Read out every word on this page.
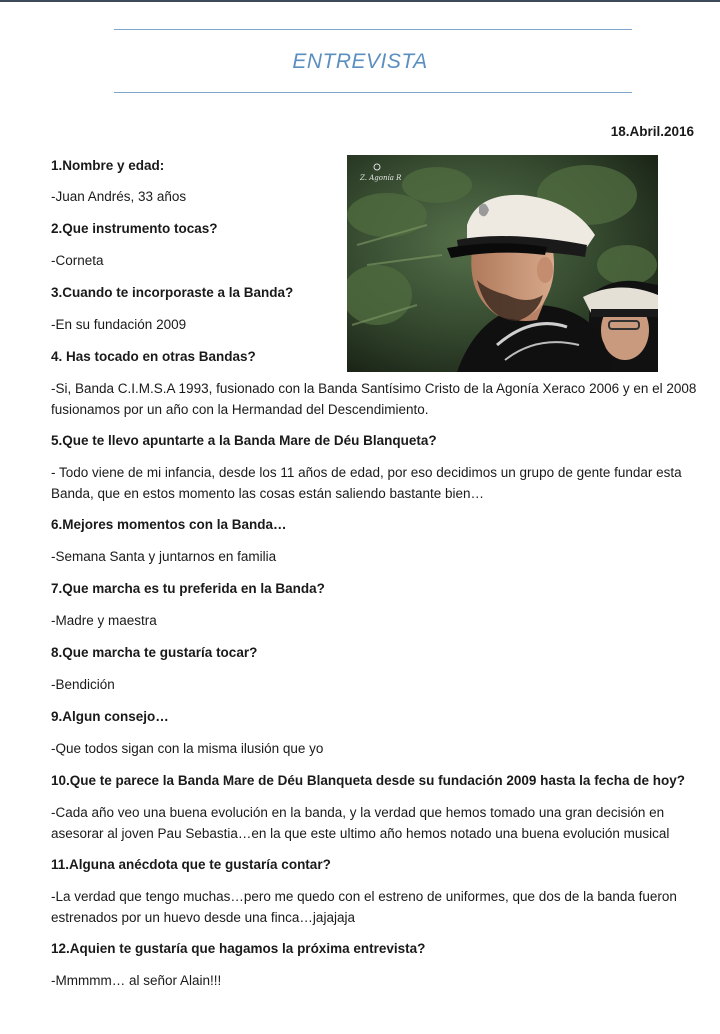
ENTREVISTA
18.Abril.2016
Z. Agonía R
1.Nombre y edad:
-Juan Andrés, 33 años
2.Que instrumento tocas?
-Corneta
3.Cuando te incorporaste a la Banda?
-En su fundación 2009
4. Has tocado en otras Bandas?
-Si, Banda C.I.M.S.A 1993, fusionado con la Banda Santísimo Cristo de la Agonía Xeraco 2006 y en el 2008 fusionamos por un año con la Hermandad del Descendimiento.
5.Que te llevo apuntarte a la Banda Mare de Déu Blanqueta?
- Todo viene de mi infancia, desde los 11 años de edad, por eso decidimos un grupo de gente fundar esta Banda, que en estos momento las cosas están saliendo bastante bien…
6.Mejores momentos con la Banda…
-Semana Santa y juntarnos en familia
7.Que marcha es tu preferida en la Banda?
-Madre y maestra
8.Que marcha te gustaría tocar?
-Bendición
9.Algun consejo…
-Que todos sigan con la misma ilusión que yo
10.Que te parece la Banda Mare de Déu Blanqueta desde su fundación 2009 hasta la fecha de hoy?
-Cada año veo una buena evolución en la banda, y la verdad que hemos tomado una gran decisión en asesorar al joven Pau Sebastia…en la que este ultimo año hemos notado una buena evolución musical
11.Alguna anécdota que te gustaría contar?
-La verdad que tengo muchas…pero me quedo con el estreno de uniformes, que dos de la banda fueron estrenados por un huevo desde una finca…jajajaja
12.Aquien te gustaría que hagamos la próxima entrevista?
-Mmmmm… al señor Alain!!!
